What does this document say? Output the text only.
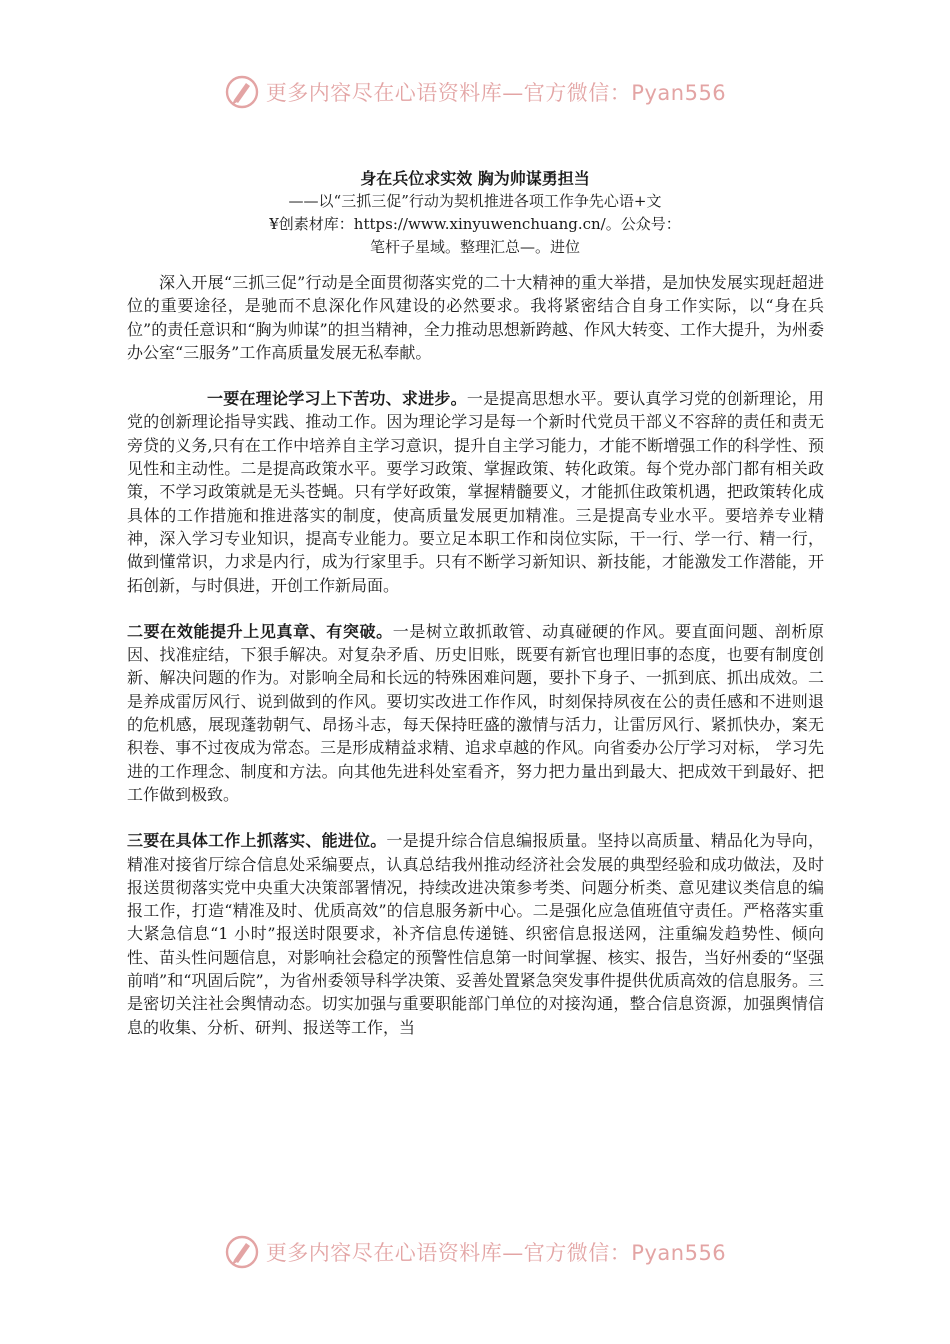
更多内容尽在心语资料库—官方微信：Pyan556
身在兵位求实效 胸为帅谋勇担当
——以“三抓三促”行动为契机推进各项工作争先心语+文
¥创素材库：https://www.xinyuwenchuang.cn/。公众号：
笔杆子星域。整理汇总—。进位

深入开展“三抓三促”行动是全面贯彻落实党的二十大精神的重大举措，是加快发展实现赶超进位的重要途径，是驰而不息深化作风建设的必然要求。我将紧密结合自身工作实际，以“身在兵位”的责任意识和“胸为帅谋”的担当精神，全力推动思想新跨越、作风大转变、工作大提升，为州委办公室“三服务”工作高质量发展无私奉献。

一要在理论学习上下苦功、求进步。一是提高思想水平。要认真学习党的创新理论，用党的创新理论指导实践、推动工作。因为理论学习是每一个新时代党员干部义不容辞的责任和责无旁贷的义务,只有在工作中培养自主学习意识，提升自主学习能力，才能不断增强工作的科学性、预见性和主动性。二是提高政策水平。要学习政策、掌握政策、转化政策。每个党办部门都有相关政策，不学习政策就是无头苍蝇。只有学好政策，掌握精髓要义，才能抓住政策机遇，把政策转化成具体的工作措施和推进落实的制度，使高质量发展更加精准。三是提高专业水平。要培养专业精神，深入学习专业知识，提高专业能力。要立足本职工作和岗位实际，干一行、学一行、精一行，做到懂常识，力求是内行，成为行家里手。只有不断学习新知识、新技能，才能激发工作潜能，开拓创新，与时俱进，开创工作新局面。

二要在效能提升上见真章、有突破。一是树立敢抓敢管、动真碰硬的作风。要直面问题、剖析原因、找准症结，下狠手解决。对复杂矛盾、历史旧账，既要有新官也理旧事的态度，也要有制度创新、解决问题的作为。对影响全局和长远的特殊困难问题，要扑下身子、一抓到底、抓出成效。二是养成雷厉风行、说到做到的作风。要切实改进工作作风，时刻保持夙夜在公的责任感和不进则退的危机感，展现蓬勃朝气、昂扬斗志，每天保持旺盛的激情与活力，让雷厉风行、紧抓快办，案无积卷、事不过夜成为常态。三是形成精益求精、追求卓越的作风。向省委办公厅学习对标， 学习先进的工作理念、制度和方法。向其他先进科处室看齐，努力把力量出到最大、把成效干到最好、把工作做到极致。

三要在具体工作上抓落实、能进位。一是提升综合信息编报质量。坚持以高质量、精品化为导向，精准对接省厅综合信息处采编要点，认真总结我州推动经济社会发展的典型经验和成功做法，及时报送贯彻落实党中央重大决策部署情况，持续改进决策参考类、问题分析类、意见建议类信息的编报工作，打造“精准及时、优质高效”的信息服务新中心。二是强化应急值班值守责任。严格落实重大紧急信息“1 小时”报送时限要求，补齐信息传递链、织密信息报送网，注重编发趋势性、倾向性、苗头性问题信息，对影响社会稳定的预警性信息第一时间掌握、核实、报告，当好州委的“坚强前哨”和“巩固后院”，为省州委领导科学决策、妥善处置紧急突发事件提供优质高效的信息服务。三是密切关注社会舆情动态。切实加强与重要职能部门单位的对接沟通，整合信息资源，加强舆情信息的收集、分析、研判、报送等工作，当

更多内容尽在心语资料库—官方微信：Pyan556
